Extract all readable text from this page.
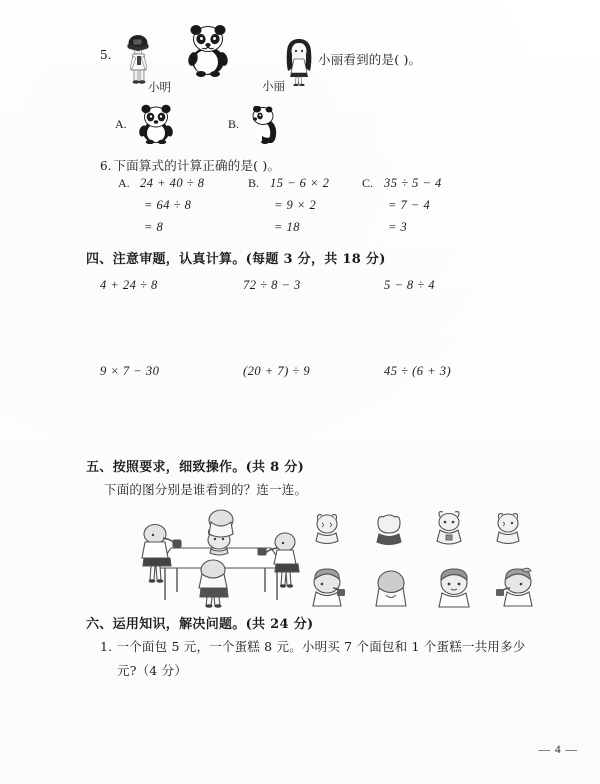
5.
小明	小丽
小丽看到的是( )。
A.	B.
6. 下面算式的计算正确的是( )。
A. 24 + 40 ÷ 8
= 64 ÷ 8
= 8
B. 15 − 6 × 2
= 9 × 2
= 18
C. 35 ÷ 5 − 4
= 7 − 4
= 3
四、注意审题，认真计算。(每题 3 分，共 18 分)
4 + 24 ÷ 8	72 ÷ 8 − 3	5 − 8 ÷ 4
9 × 7 − 30	(20 + 7) ÷ 9	45 ÷ (6 + 3)
五、按照要求，细致操作。(共 8 分)
下面的图分别是谁看到的？连一连。
六、运用知识，解决问题。(共 24 分)
1. 一个面包 5 元，一个蛋糕 8 元。小明买 7 个面包和 1 个蛋糕一共用多少
元?（4 分）
— 4 —
